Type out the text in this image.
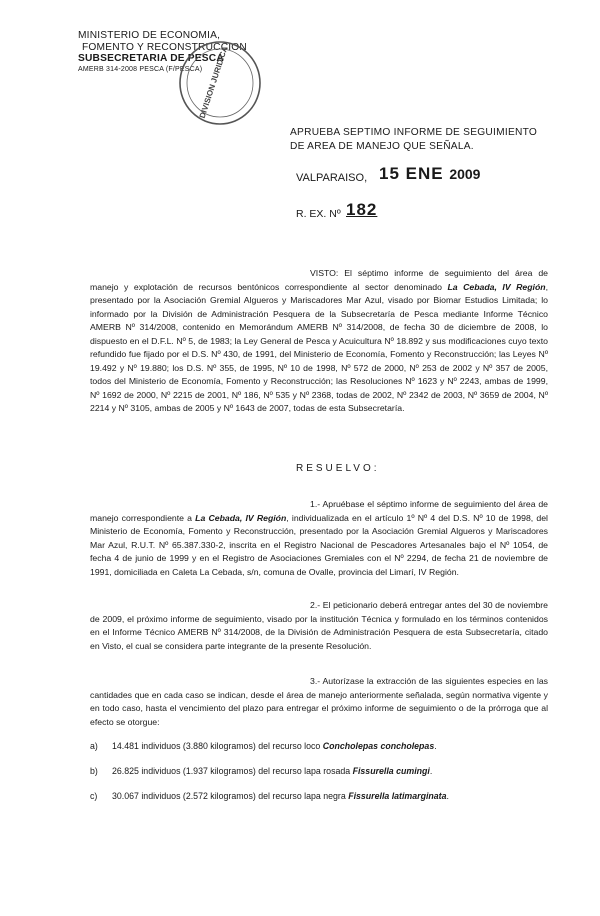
MINISTERIO DE ECONOMIA,
FOMENTO Y RECONSTRUCCION
SUBSECRETARIA DE PESCA
AMERB 314-2008 PESCA (F/PESCA)
DIVISION JURIDICA
APRUEBA SEPTIMO INFORME DE SEGUIMIENTO
DE AREA DE MANEJO QUE SEÑALA.
VALPARAISO, 15 ENE 2009
R. EX. Nº 182
VISTO: El séptimo informe de seguimiento del área de manejo y explotación de recursos bentónicos correspondiente al sector denominado La Cebada, IV Región, presentado por la Asociación Gremial Algueros y Mariscadores Mar Azul, visado por Biomar Estudios Limitada; lo informado por la División de Administración Pesquera de la Subsecretaría de Pesca mediante Informe Técnico AMERB Nº 314/2008, contenido en Memorándum AMERB Nº 314/2008, de fecha 30 de diciembre de 2008, lo dispuesto en el D.F.L. Nº 5, de 1983; la Ley General de Pesca y Acuicultura Nº 18.892 y sus modificaciones cuyo texto refundido fue fijado por el D.S. Nº 430, de 1991, del Ministerio de Economía, Fomento y Reconstrucción; las Leyes Nº 19.492 y Nº 19.880; los D.S. Nº 355, de 1995, Nº 10 de 1998, Nº 572 de 2000, Nº 253 de 2002 y Nº 357 de 2005, todos del Ministerio de Economía, Fomento y Reconstrucción; las Resoluciones Nº 1623 y Nº 2243, ambas de 1999, Nº 1692 de 2000, Nº 2215 de 2001, Nº 186, Nº 535 y Nº 2368, todas de 2002, Nº 2342 de 2003, Nº 3659 de 2004, Nº 2214 y Nº 3105, ambas de 2005 y Nº 1643 de 2007, todas de esta Subsecretaría.
RESUELVO:
1.- Apruébase el séptimo informe de seguimiento del área de manejo correspondiente a La Cebada, IV Región, individualizada en el artículo 1º Nº 4 del D.S. Nº 10 de 1998, del Ministerio de Economía, Fomento y Reconstrucción, presentado por la Asociación Gremial Algueros y Mariscadores Mar Azul, R.U.T. Nº 65.387.330-2, inscrita en el Registro Nacional de Pescadores Artesanales bajo el Nº 1054, de fecha 4 de junio de 1999 y en el Registro de Asociaciones Gremiales con el Nº 2294, de fecha 21 de noviembre de 1991, domiciliada en Caleta La Cebada, s/n, comuna de Ovalle, provincia del Limarí, IV Región.
2.- El peticionario deberá entregar antes del 30 de noviembre de 2009, el próximo informe de seguimiento, visado por la institución Técnica y formulado en los términos contenidos en el Informe Técnico AMERB Nº 314/2008, de la División de Administración Pesquera de esta Subsecretaría, citado en Visto, el cual se considera parte integrante de la presente Resolución.
3.- Autorízase la extracción de las siguientes especies en las cantidades que en cada caso se indican, desde el área de manejo anteriormente señalada, según normativa vigente y en todo caso, hasta el vencimiento del plazo para entregar el próximo informe de seguimiento o de la prórroga que al efecto se otorgue:
a) 14.481 individuos (3.880 kilogramos) del recurso loco Concholepas concholepas.
b) 26.825 individuos (1.937 kilogramos) del recurso lapa rosada Fissurella cumingi.
c) 30.067 individuos (2.572 kilogramos) del recurso lapa negra Fissurella latimarginata.
